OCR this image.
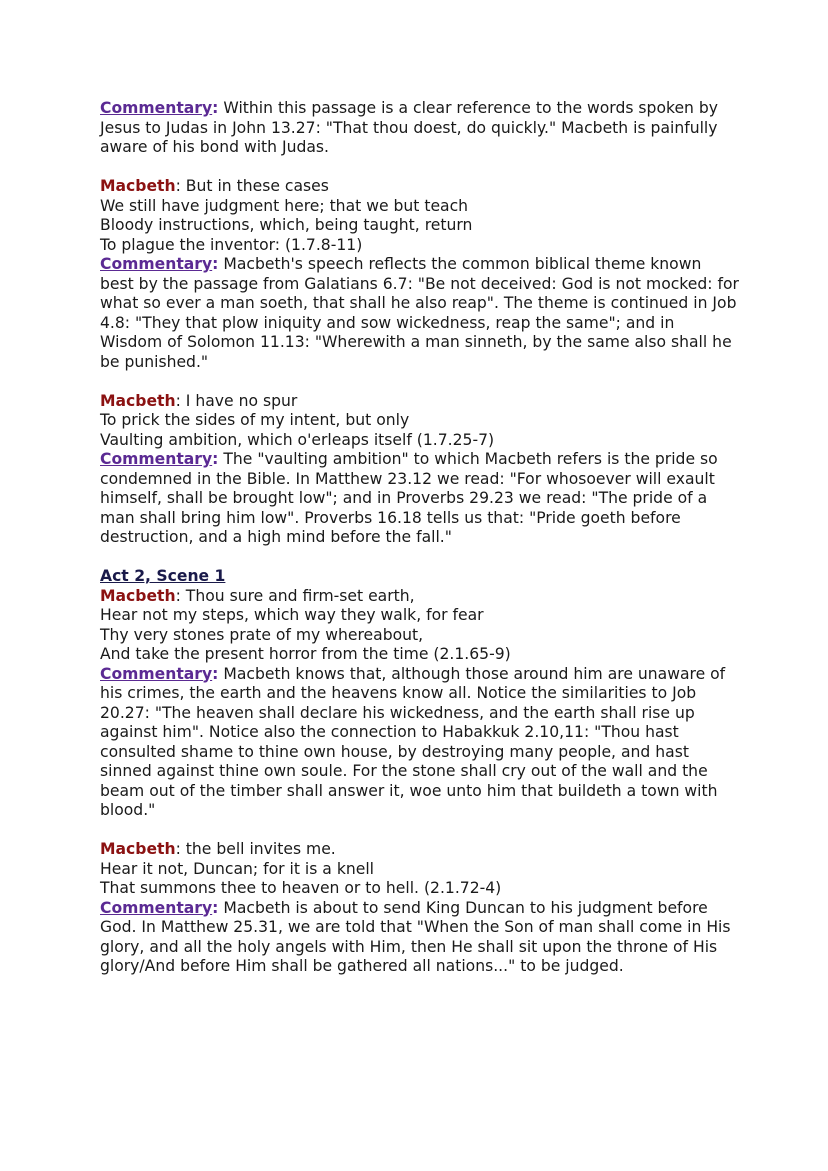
Commentary: Within this passage is a clear reference to the words spoken by Jesus to Judas in John 13.27: "That thou doest, do quickly." Macbeth is painfully aware of his bond with Judas.
Macbeth: But in these cases
We still have judgment here; that we but teach
Bloody instructions, which, being taught, return
To plague the inventor: (1.7.8-11)
Commentary: Macbeth's speech reflects the common biblical theme known best by the passage from Galatians 6.7: "Be not deceived: God is not mocked: for what so ever a man soeth, that shall he also reap". The theme is continued in Job 4.8: "They that plow iniquity and sow wickedness, reap the same"; and in Wisdom of Solomon 11.13: "Wherewith a man sinneth, by the same also shall he be punished."
Macbeth: I have no spur
To prick the sides of my intent, but only
Vaulting ambition, which o'erleaps itself (1.7.25-7)
Commentary: The "vaulting ambition" to which Macbeth refers is the pride so condemned in the Bible. In Matthew 23.12 we read: "For whosoever will exault himself, shall be brought low"; and in Proverbs 29.23 we read: "The pride of a man shall bring him low". Proverbs 16.18 tells us that: "Pride goeth before destruction, and a high mind before the fall."
Act 2, Scene 1
Macbeth: Thou sure and firm-set earth,
Hear not my steps, which way they walk, for fear
Thy very stones prate of my whereabout,
And take the present horror from the time (2.1.65-9)
Commentary: Macbeth knows that, although those around him are unaware of his crimes, the earth and the heavens know all. Notice the similarities to Job 20.27: "The heaven shall declare his wickedness, and the earth shall rise up against him". Notice also the connection to Habakkuk 2.10,11: "Thou hast consulted shame to thine own house, by destroying many people, and hast sinned against thine own soule. For the stone shall cry out of the wall and the beam out of the timber shall answer it, woe unto him that buildeth a town with blood."
Macbeth: the bell invites me.
Hear it not, Duncan; for it is a knell
That summons thee to heaven or to hell. (2.1.72-4)
Commentary: Macbeth is about to send King Duncan to his judgment before God. In Matthew 25.31, we are told that "When the Son of man shall come in His glory, and all the holy angels with Him, then He shall sit upon the throne of His glory/And before Him shall be gathered all nations..." to be judged.
